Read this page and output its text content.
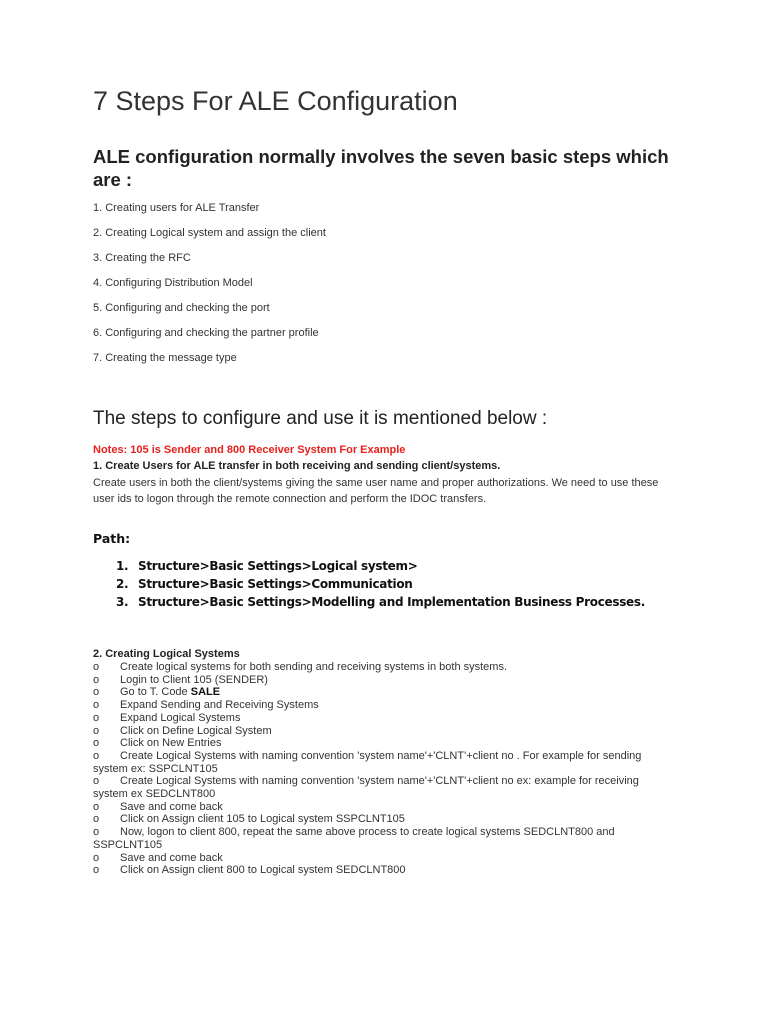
7 Steps For ALE Configuration
ALE configuration normally involves the seven basic steps which are :
1. Creating users for ALE Transfer
2. Creating Logical system and assign the client
3. Creating the RFC
4. Configuring Distribution Model
5. Configuring and checking the port
6. Configuring and checking the partner profile
7. Creating the message type
The steps to configure and use it is mentioned below :
Notes: 105 is Sender and 800 Receiver System For Example
1. Create Users for ALE transfer in both receiving and sending client/systems.
Create users in both the client/systems giving the same user name and proper authorizations. We need to use these user ids to logon through the remote connection and perform the IDOC transfers.
Path:
1. Structure>Basic Settings>Logical system>
2. Structure>Basic Settings>Communication
3. Structure>Basic Settings>Modelling and Implementation Business Processes.
2. Creating Logical Systems
o Create logical systems for both sending and receiving systems in both systems.
o Login to Client 105 (SENDER)
o Go to T. Code SALE
o Expand Sending and Receiving Systems
o Expand Logical Systems
o Click on Define Logical System
o Click on New Entries
o Create Logical Systems with naming convention 'system name'+'CLNT'+client no . For example for sending system ex: SSPCLNT105
o Create Logical Systems with naming convention 'system name'+'CLNT'+client no ex: example for receiving system ex SEDCLNT800
o Save and come back
o Click on Assign client 105 to Logical system SSPCLNT105
o Now, logon to client 800, repeat the same above process to create logical systems SEDCLNT800 and SSPCLNT105
o Save and come back
o Click on Assign client 800 to Logical system SEDCLNT800
